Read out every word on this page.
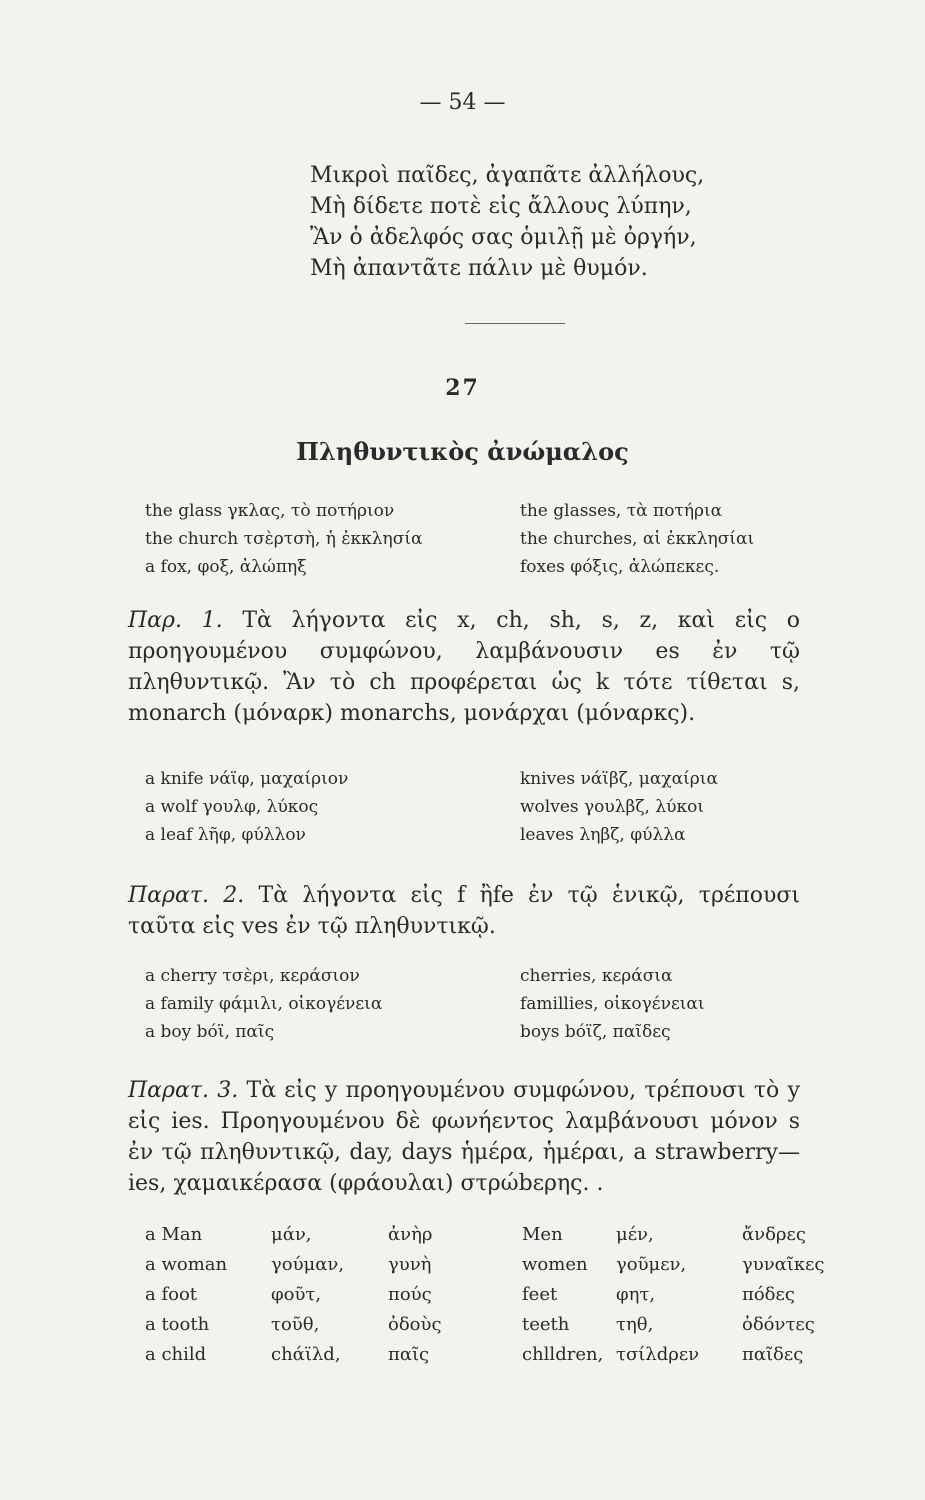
— 54 —
Μικροὶ παῖδες, ἀγαπᾶτε ἀλλήλους,
Μὴ δίδετε ποτὲ εἰς ἄλλους λύπην,
Ἂν ὁ ἀδελφός σας ὁμιλῇ μὲ ὀργήν,
Μὴ ἀπαντᾶτε πάλιν μὲ θυμόν.
27
Πληθυντικὸς ἀνώμαλος
the glass γκλας, τὸ ποτήριον	the glasses, τὰ ποτήρια
the church τσὲρτσὴ, ἡ ἐκκλησία	the churches, αἱ ἐκκλησίαι
a fox, φοξ, ἀλώπηξ	foxes φόξις, ἀλώπεκες.
Παρ. 1. Τὰ λήγοντα εἰς x, ch, sh, s, z, καὶ εἰς o προηγουμένου συμφώνου, λαμβάνουσιν es ἐν τῷ πληθυντικῷ. Ἂν τὸ ch προφέρεται ὡς k τότε τίθεται s, monarch (μόναρκ) monarchs, μονάρχαι (μόναρκς).
a knife νάϊφ, μαχαίριον	knives νάϊβζ, μαχαίρια
a wolf γουλφ, λύκος	wolves γουλβζ, λύκοι
a leaf λῆφ, φύλλον	leaves ληβζ, φύλλα
Παρατ. 2. Τὰ λήγοντα εἰς f ἢfe ἐν τῷ ἑνικῷ, τρέπουσι ταῦτα εἰς ves ἐν τῷ πληθυντικῷ.
a cherry τσὲρι, κεράσιον	cherries, κεράσια
a family φάμιλι, οἰκογένεια	famillies, οἰκογένειαι
a boy bόϊ, παῖς	boys bόϊζ, παῖδες
Παρατ. 3. Τὰ εἰς y προηγουμένου συμφώνου, τρέπουσι τὸ y εἰς ies. Προηγουμένου δὲ φωνήεντος λαμβάνουσι μόνον s ἐν τῷ πληθυντικῷ, day, days ἡμέρα, ἡμέραι, a strawberry—ies, χαμαικέρασα (φράουλαι) στρώbερης. .
a Man	μάν,	ἀνὴρ	Men	μέν,	ἄνδρες
a woman	γούμαν,	γυνὴ	women	γοῦμεν,	γυναῖκες
a foot	φοῦτ,	πούς	feet	φητ,	πόδες
a tooth	τοῦθ,	ὀδοὺς	teeth	τηθ,	ὀδόντες
a child	chάϊλd,	παῖς	chlldren, τσίλdρεν	παῖδες
